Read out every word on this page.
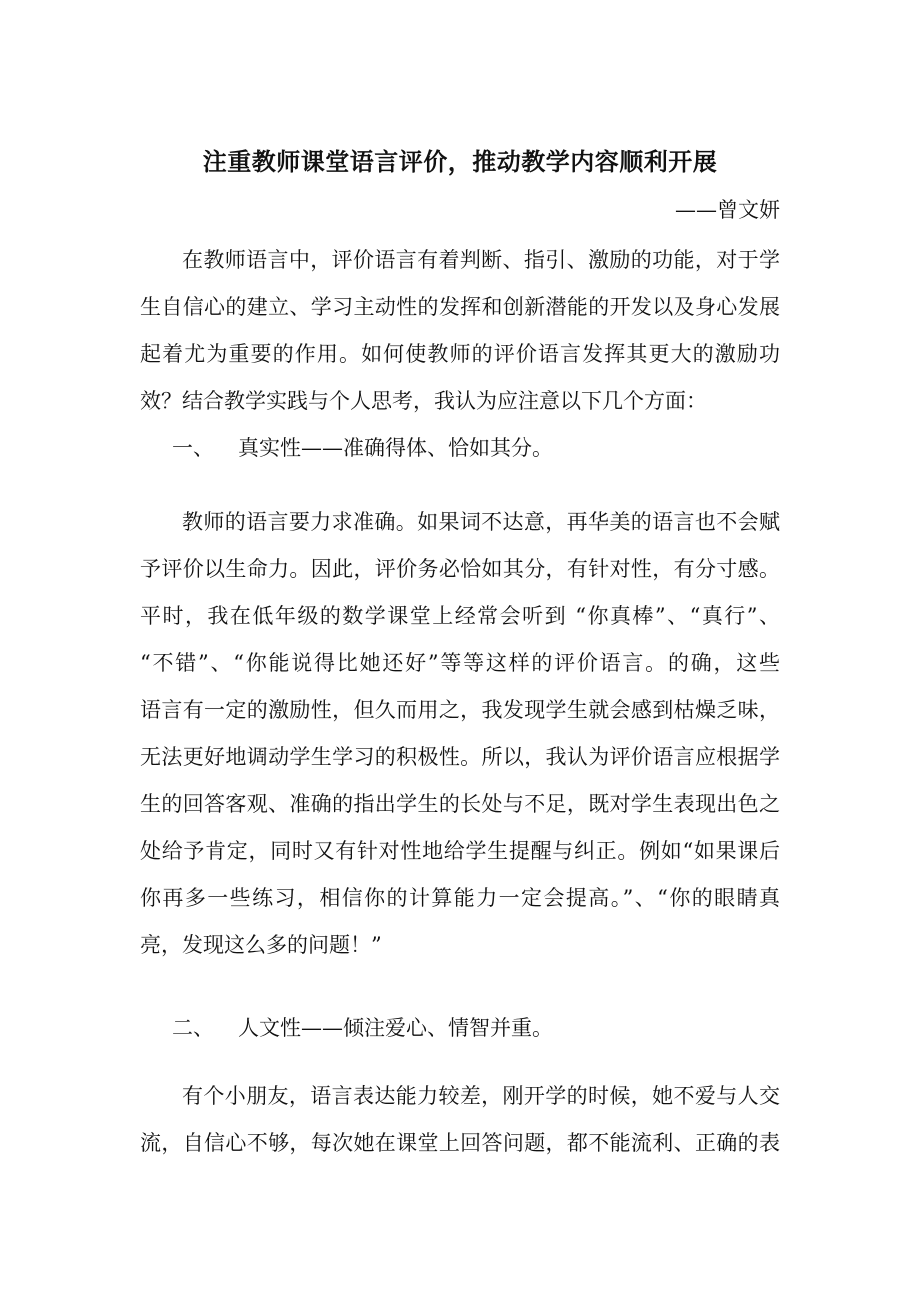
注重教师课堂语言评价，推动教学内容顺利开展
——曾文妍
在教师语言中，评价语言有着判断、指引、激励的功能，对于学
生自信心的建立、学习主动性的发挥和创新潜能的开发以及身心发展
起着尤为重要的作用。如何使教师的评价语言发挥其更大的激励功
效？结合教学实践与个人思考，我认为应注意以下几个方面：
一、 真实性——准确得体、恰如其分。
教师的语言要力求准确。如果词不达意，再华美的语言也不会赋
予评价以生命力。因此，评价务必恰如其分，有针对性，有分寸感。
平时，我在低年级的数学课堂上经常会听到 “你真棒”、“真行”、
“不错”、“你能说得比她还好”等等这样的评价语言。的确，这些
语言有一定的激励性，但久而用之，我发现学生就会感到枯燥乏味，
无法更好地调动学生学习的积极性。所以，我认为评价语言应根据学
生的回答客观、准确的指出学生的长处与不足，既对学生表现出色之
处给予肯定，同时又有针对性地给学生提醒与纠正。例如“如果课后
你再多一些练习，相信你的计算能力一定会提高。”、“你的眼睛真
亮，发现这么多的问题！”
二、 人文性——倾注爱心、情智并重。
有个小朋友，语言表达能力较差，刚开学的时候，她不爱与人交
流，自信心不够，每次她在课堂上回答问题，都不能流利、正确的表
